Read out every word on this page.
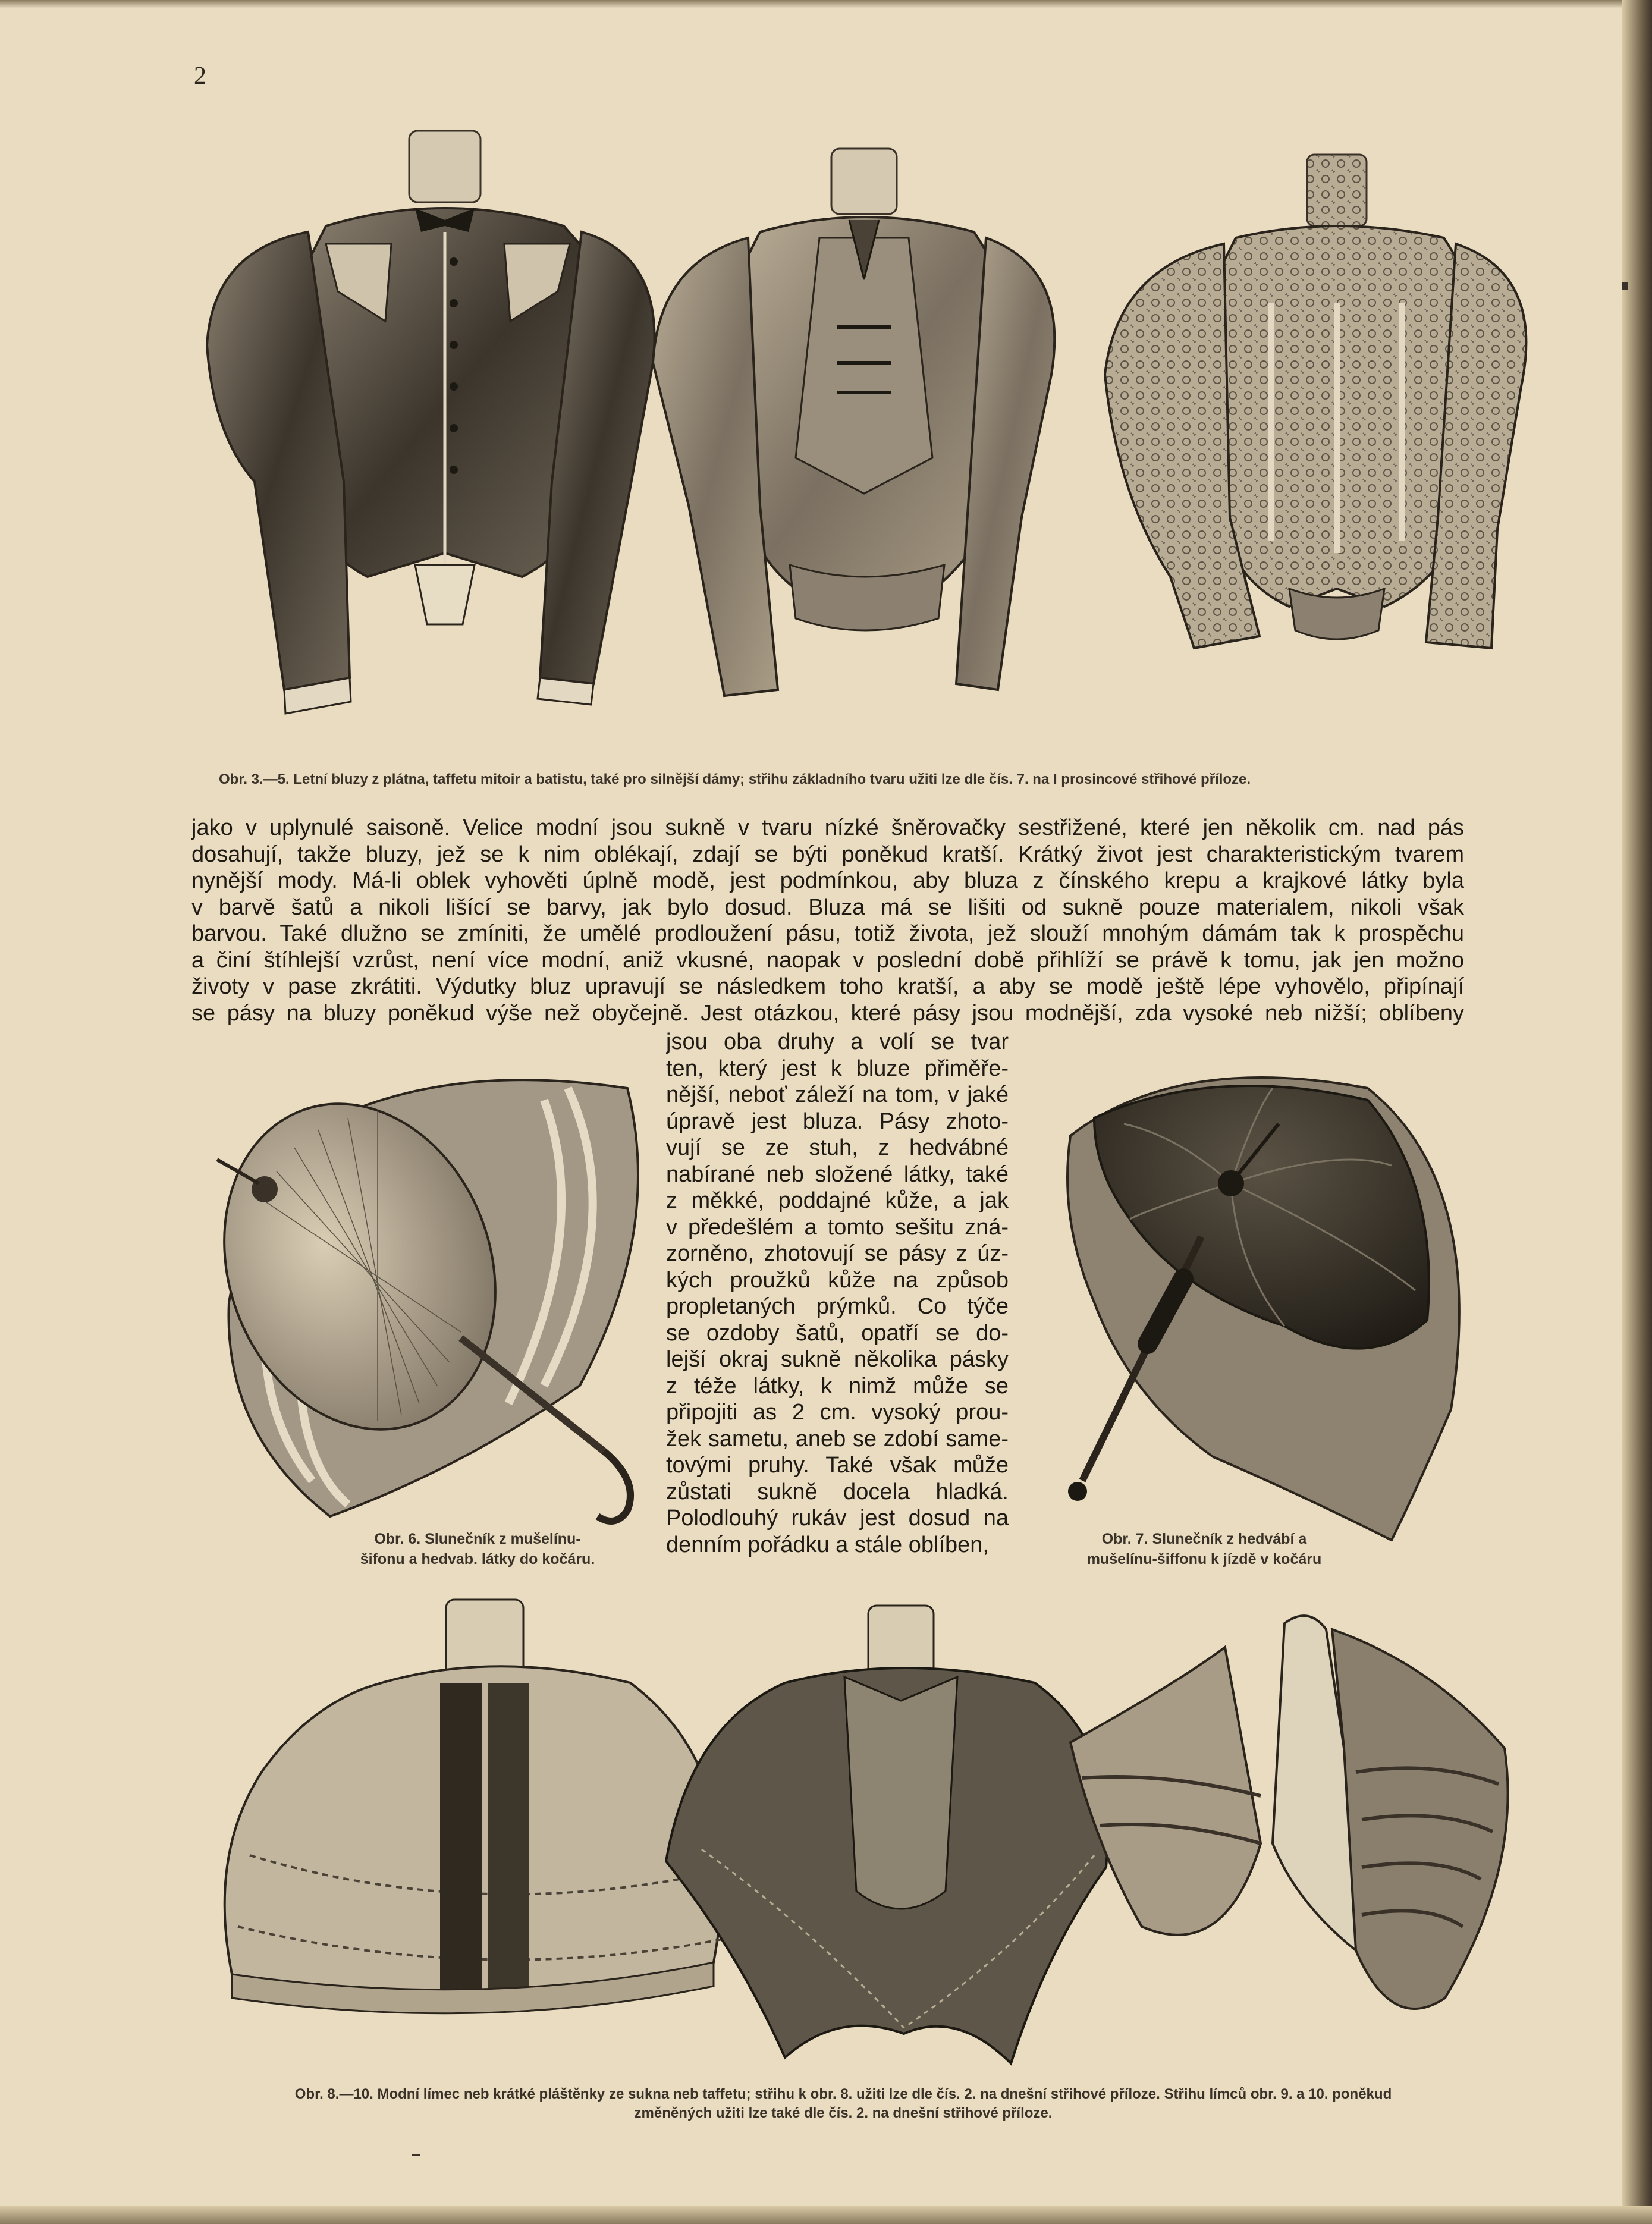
2
Obr. 3.—5. Letní bluzy z plátna, taffetu mitoir a batistu, také pro silnější dámy; střihu základního tvaru užiti lze dle čís. 7. na I prosincové střihové příloze.
jako v uplynulé saisoně. Velice modní jsou sukně v tvaru nízké šněrovačky sestřižené, které jen několik cm. nad pás
dosahují, takže bluzy, jež se k nim oblékají, zdají se býti poněkud kratší. Krátký život jest charakteristickým tvarem
nynější mody. Má-li oblek vyhověti úplně modě, jest podmínkou, aby bluza z čínského krepu a krajkové látky byla
v barvě šatů a nikoli lišící se barvy, jak bylo dosud. Bluza má se lišiti od sukně pouze materialem, nikoli však
barvou. Také dlužno se zmíniti, že umělé prodloužení pásu, totiž života, jež slouží mnohým dámám tak k prospěchu
a činí štíhlejší vzrůst, není více modní, aniž vkusné, naopak v poslední době přihlíží se právě k tomu, jak jen možno
životy v pase zkrátiti. Výdutky bluz upravují se následkem toho kratší, a aby se modě ještě lépe vyhovělo, připínají
se pásy na bluzy poněkud výše než obyčejně. Jest otázkou, které pásy jsou modnější, zda vysoké neb nižší; oblíbeny
Obr. 6. Slunečník z mušelínu-
šifonu a hedvab. látky do kočáru.
jsou oba druhy a volí se tvar
ten, který jest k bluze přiměře-
nější, neboť záleží na tom, v jaké
úpravě jest bluza. Pásy zhoto-
vují se ze stuh, z hedvábné
nabírané neb složené látky, také
z měkké, poddajné kůže, a jak
v předešlém a tomto sešitu zná-
zorněno, zhotovují se pásy z úz-
kých proužků kůže na způsob
propletaných prýmků. Co týče
se ozdoby šatů, opatří se do-
lejší okraj sukně několika pásky
z téže látky, k nimž může se
připojiti as 2 cm. vysoký prou-
žek sametu, aneb se zdobí same-
tovými pruhy. Také však může
zůstati sukně docela hladká.
Polodlouhý rukáv jest dosud na
denním pořádku a stále oblíben,	Obr. 7. Slunečník z hedvábí a
mušelínu-šiffonu k jízdě v kočáru
Obr. 8.—10. Modní límec neb krátké pláštěnky ze sukna neb taffetu; střihu k obr. 8. užiti lze dle čís. 2. na dnešní střihové příloze. Střihu límců obr. 9. a 10. poněkud
změněných užiti lze také dle čís. 2. na dnešní střihové příloze.
